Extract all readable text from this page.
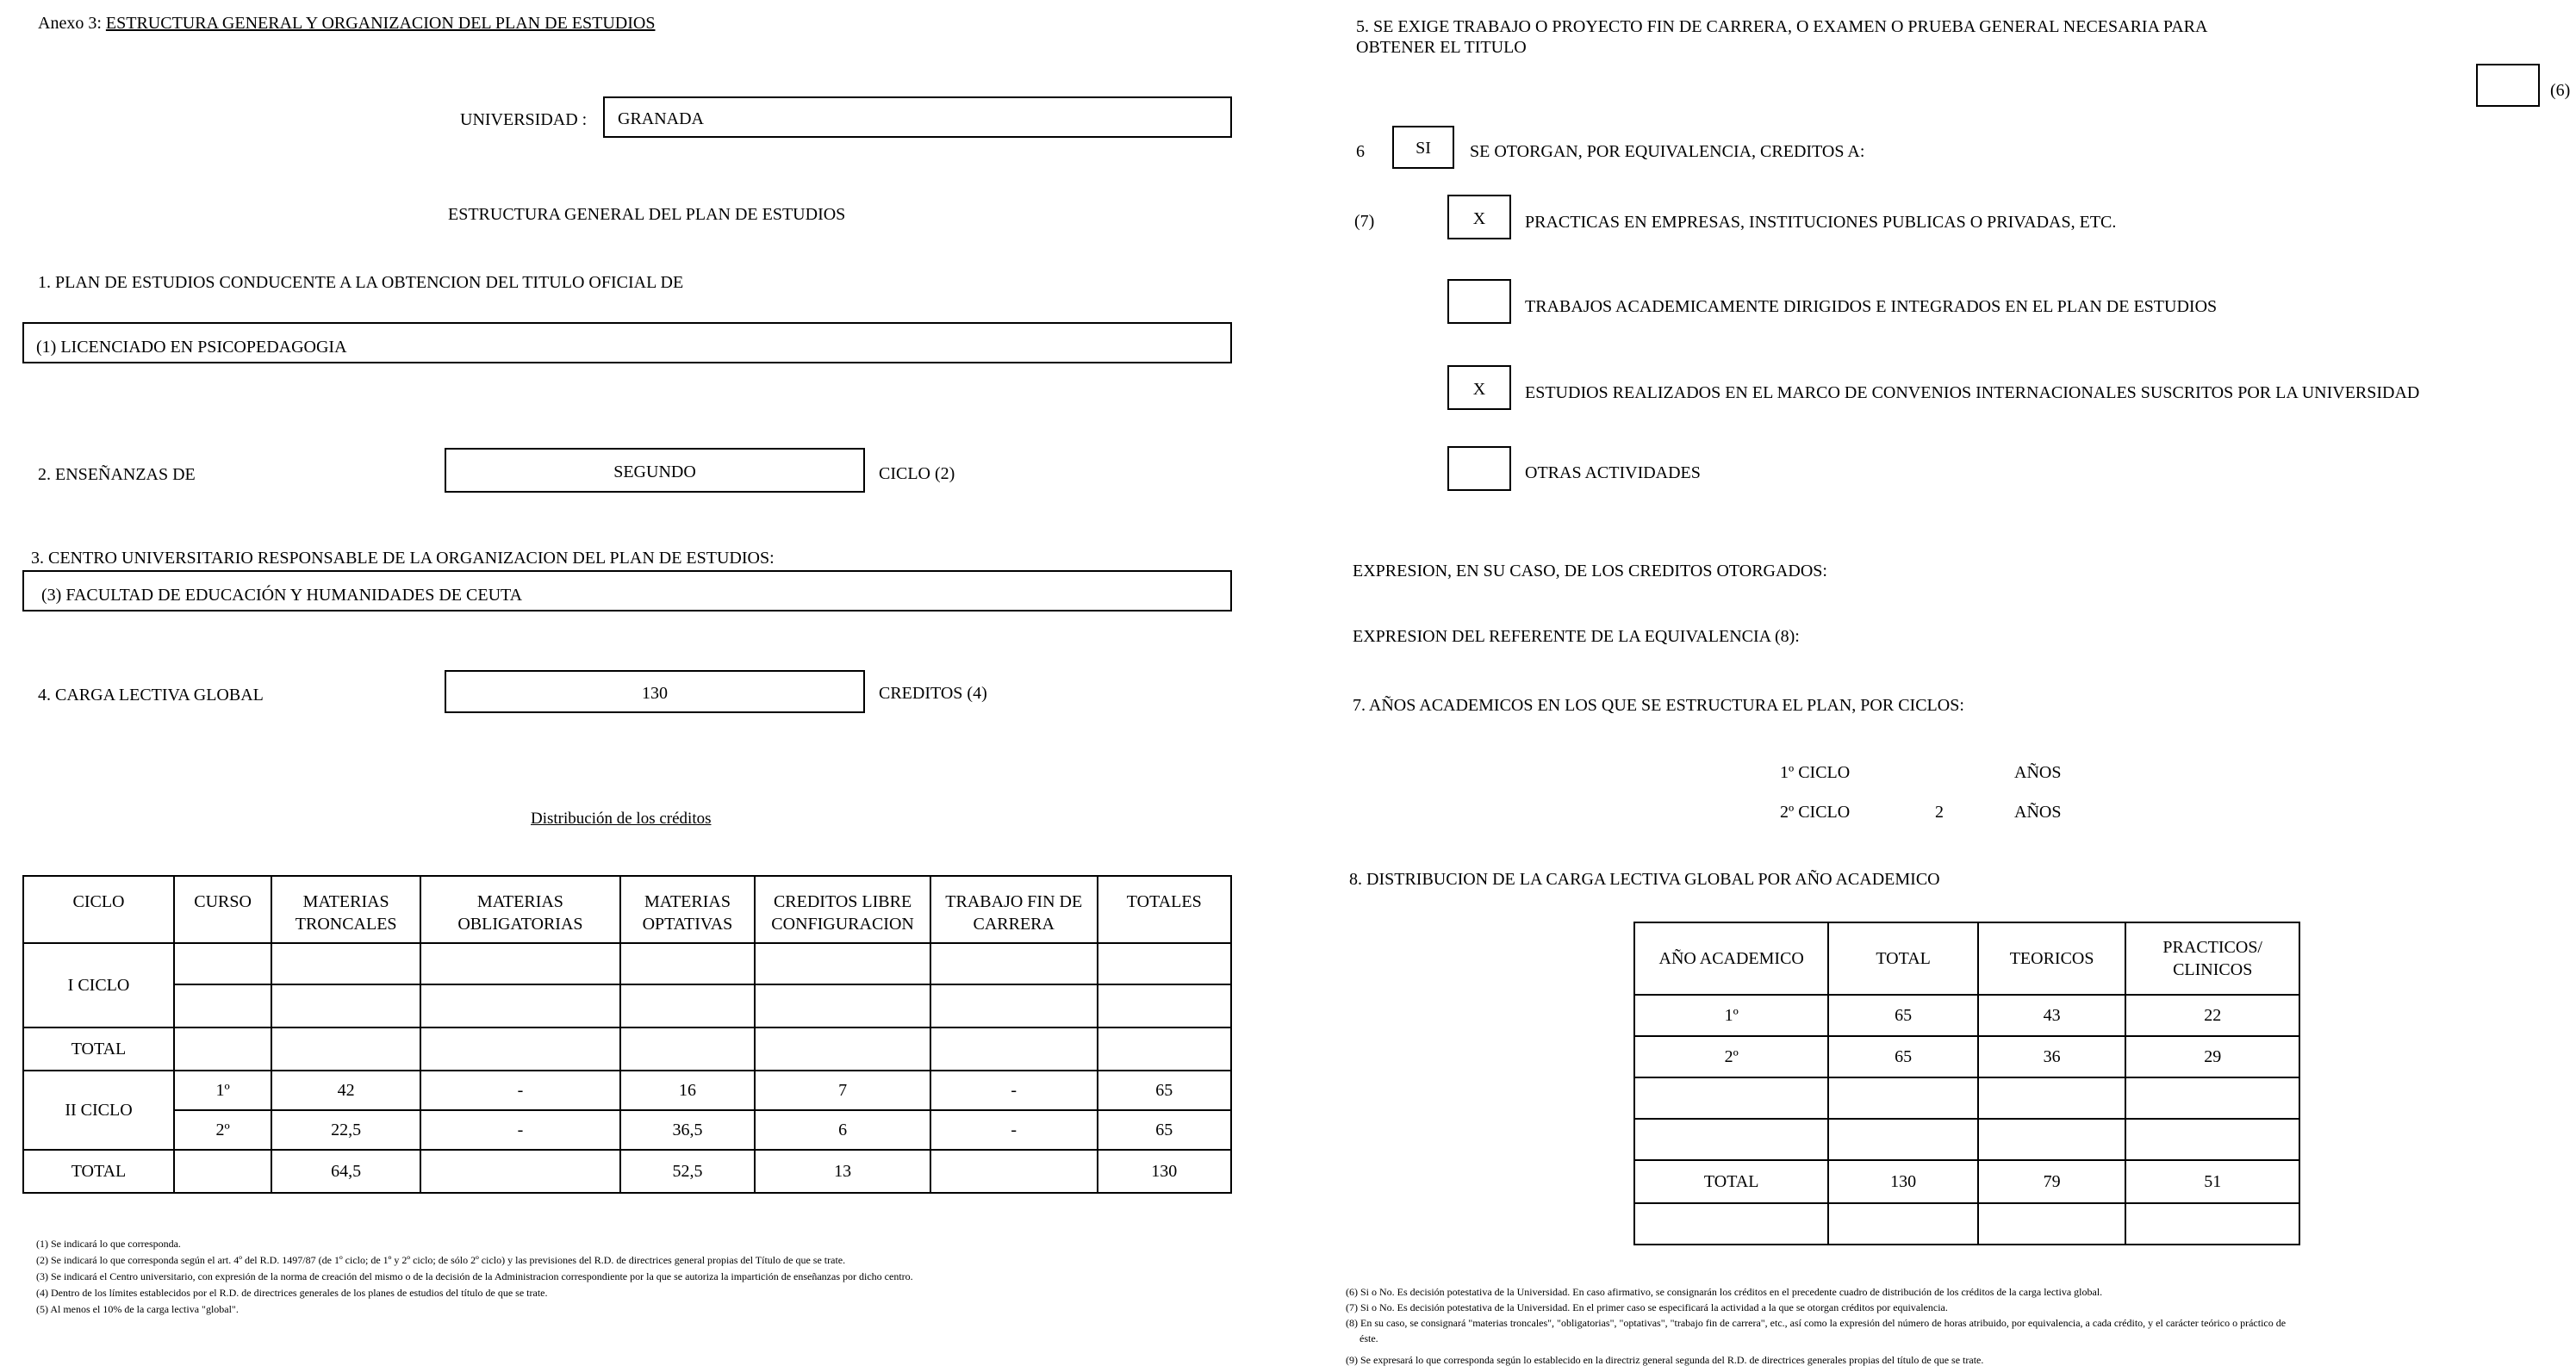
Anexo 3: ESTRUCTURA GENERAL Y ORGANIZACION DEL PLAN DE ESTUDIOS
UNIVERSIDAD : GRANADA
ESTRUCTURA GENERAL DEL PLAN DE ESTUDIOS
1. PLAN DE ESTUDIOS CONDUCENTE A LA OBTENCION DEL TITULO OFICIAL DE
(1) LICENCIADO EN PSICOPEDAGOGIA
2. ENSEÑANZAS DE	SEGUNDO	CICLO (2)
3. CENTRO UNIVERSITARIO RESPONSABLE DE LA ORGANIZACION DEL PLAN DE ESTUDIOS:
(3) FACULTAD DE EDUCACIÓN Y HUMANIDADES DE CEUTA
4. CARGA LECTIVA GLOBAL	130	CREDITOS (4)
Distribución de los créditos
CICLO	CURSO	MATERIAS TRONCALES	MATERIAS OBLIGATORIAS	MATERIAS OPTATIVAS	CREDITOS LIBRE CONFIGURACION	TRABAJO FIN DE CARRERA	TOTALES
I CICLO							

TOTAL							
II CICLO	1º	42	-	16	7	-	65
	2º	22,5	-	36,5	6	-	65
TOTAL		64,5		52,5	13		130
(1) Se indicará lo que corresponda.
(2) Se indicará lo que corresponda según el art. 4º del R.D. 1497/87 (de 1º ciclo; de 1º y 2º ciclo; de sólo 2º ciclo) y las previsiones del R.D. de directrices general propias del Título de que se trate.
(3) Se indicará el Centro universitario, con expresión de la norma de creación del mismo o de la decisión de la Administracion correspondiente por la que se autoriza la impartición de enseñanzas por dicho centro.
(4) Dentro de los límites establecidos por el R.D. de directrices generales de los planes de estudios del título de que se trate.
(5) Al menos el 10% de la carga lectiva "global".
5. SE EXIGE TRABAJO O PROYECTO FIN DE CARRERA, O EXAMEN O PRUEBA GENERAL NECESARIA PARA
OBTENER EL TITULO
(6)
6	SI	SE OTORGAN, POR EQUIVALENCIA, CREDITOS A:
(7)	X	PRACTICAS EN EMPRESAS, INSTITUCIONES PUBLICAS O PRIVADAS, ETC.
TRABAJOS ACADEMICAMENTE DIRIGIDOS E INTEGRADOS EN EL PLAN DE ESTUDIOS
X	ESTUDIOS REALIZADOS EN EL MARCO DE CONVENIOS INTERNACIONALES SUSCRITOS POR LA UNIVERSIDAD
OTRAS ACTIVIDADES
EXPRESION, EN SU CASO, DE LOS CREDITOS OTORGADOS:
EXPRESION DEL REFERENTE DE LA EQUIVALENCIA (8):
7. AÑOS ACADEMICOS EN LOS QUE SE ESTRUCTURA EL PLAN, POR CICLOS:
1º CICLO	AÑOS
2º CICLO	2	AÑOS
8. DISTRIBUCION DE LA CARGA LECTIVA GLOBAL POR AÑO ACADEMICO
AÑO ACADEMICO	TOTAL	TEORICOS	PRACTICOS/ CLINICOS
1º	65	43	22
2º	65	36	29

TOTAL	130	79	51

(6) Si o No. Es decisión potestativa de la Universidad. En caso afirmativo, se consignarán los créditos en el precedente cuadro de distribución de los créditos de la carga lectiva global.
(7) Si o No. Es decisión potestativa de la Universidad. En el primer caso se especificará la actividad a la que se otorgan créditos por equivalencia.
(8) En su caso, se consignará "materias troncales", "obligatorias", "optativas", "trabajo fin de carrera", etc., así como la expresión del número de horas atribuido, por equivalencia, a cada crédito, y el carácter teórico o práctico de
éste.
(9) Se expresará lo que corresponda según lo establecido en la directriz general segunda del R.D. de directrices generales propias del título de que se trate.
